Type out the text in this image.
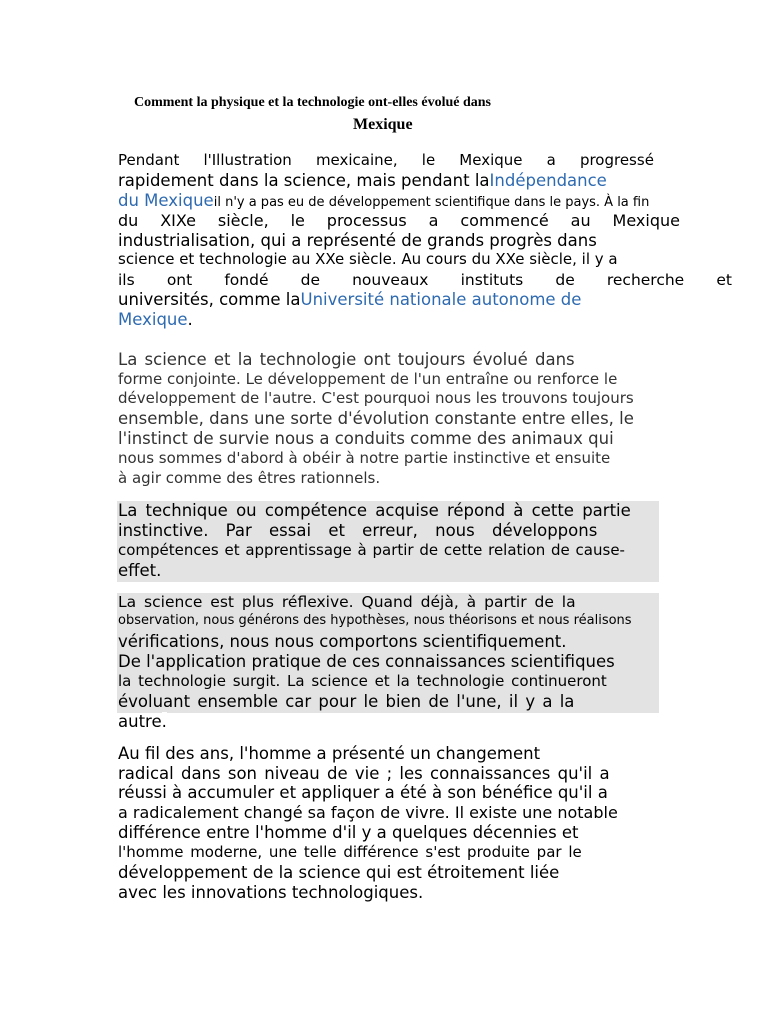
Comment la physique et la technologie ont-elles évolué dans
Mexique
Pendant l'Illustration mexicaine, le Mexique a progressé
rapidement dans la science, mais pendant laIndépendance
du Mexiqueil n'y a pas eu de développement scientifique dans le pays. À la fin
du XIXe siècle, le processus a commencé au Mexique
industrialisation, qui a représenté de grands progrès dans
science et technologie au XXe siècle. Au cours du XXe siècle, il y a
ils ont fondé de nouveaux instituts de recherche et
universités, comme laUniversité nationale autonome de
Mexique.
La science et la technologie ont toujours évolué dans
forme conjointe. Le développement de l'un entraîne ou renforce le
développement de l'autre. C'est pourquoi nous les trouvons toujours
ensemble, dans une sorte d'évolution constante entre elles, le
l'instinct de survie nous a conduits comme des animaux qui
nous sommes d'abord à obéir à notre partie instinctive et ensuite
à agir comme des êtres rationnels.
La technique ou compétence acquise répond à cette partie
instinctive. Par essai et erreur, nous développons
compétences et apprentissage à partir de cette relation de cause-
effet.
La science est plus réflexive. Quand déjà, à partir de la
observation, nous générons des hypothèses, nous théorisons et nous réalisons
vérifications, nous nous comportons scientifiquement.
De l'application pratique de ces connaissances scientifiques
la technologie surgit. La science et la technologie continueront
évoluant ensemble car pour le bien de l'une, il y a la
autre.
Au fil des ans, l'homme a présenté un changement
radical dans son niveau de vie ; les connaissances qu'il a
réussi à accumuler et appliquer a été à son bénéfice qu'il a
a radicalement changé sa façon de vivre. Il existe une notable
différence entre l'homme d'il y a quelques décennies et
l'homme moderne, une telle différence s'est produite par le
développement de la science qui est étroitement liée
avec les innovations technologiques.
